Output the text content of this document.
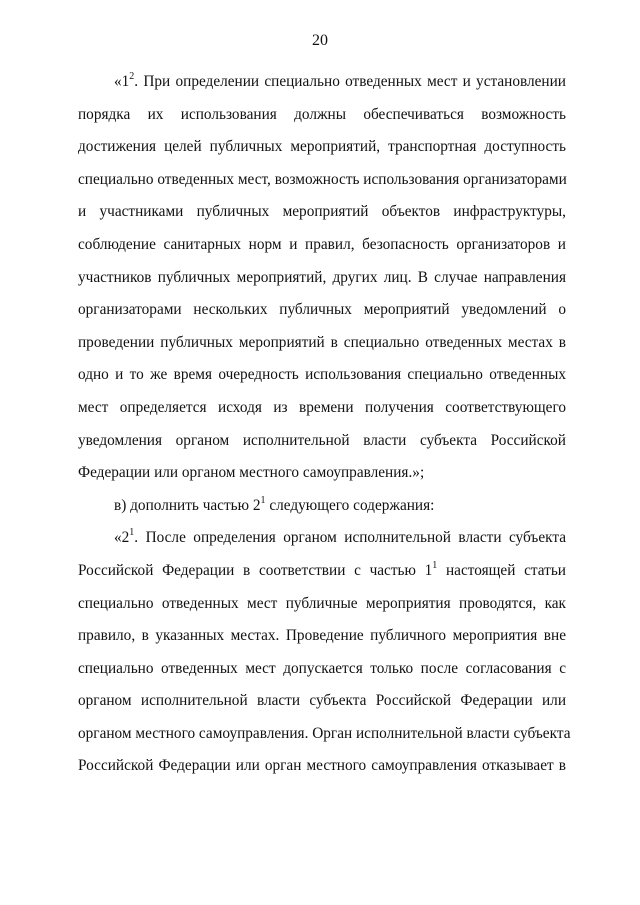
20
«$1^2$. При определении специально отведенных мест и установлении
порядка их использования должны обеспечиваться возможность
достижения целей публичных мероприятий, транспортная доступность
специально отведенных мест, возможность использования организаторами
и участниками публичных мероприятий объектов инфраструктуры,
соблюдение санитарных норм и правил, безопасность организаторов и
участников публичных мероприятий, других лиц. В случае направления
организаторами нескольких публичных мероприятий уведомлений о
проведении публичных мероприятий в специально отведенных местах в
одно и то же время очередность использования специально отведенных
мест определяется исходя из времени получения соответствующего
уведомления органом исполнительной власти субъекта Российской
Федерации или органом местного самоуправления.»;
в) дополнить частью $2^1$ следующего содержания:
«$2^1$. После определения органом исполнительной власти субъекта
Российской Федерации в соответствии с частью $1^1$ настоящей статьи
специально отведенных мест публичные мероприятия проводятся, как
правило, в указанных местах. Проведение публичного мероприятия вне
специально отведенных мест допускается только после согласования с
органом исполнительной власти субъекта Российской Федерации или
органом местного самоуправления. Орган исполнительной власти субъекта
Российской Федерации или орган местного самоуправления отказывает в
